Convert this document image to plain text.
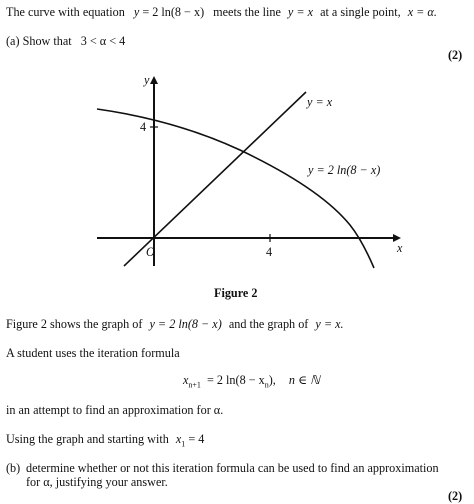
The curve with equation y = 2 ln(8 − x) meets the line y = x at a single point, x = α.
(a) Show that 3 < α < 4
(2)
y
x
O
4
4
y = x
y = 2 ln(8 − x)
Figure 2
Figure 2 shows the graph of y = 2 ln(8 − x) and the graph of y = x.
A student uses the iteration formula
$x_{n+1} = 2$ $\ln(8 - x_n)$, n ∈ ℕ
in an attempt to find an approximation for α.
Using the graph and starting with $x_1 = 4$
(b) determine whether or not this iteration formula can be used to find an approximation
for α, justifying your answer.
(2)
